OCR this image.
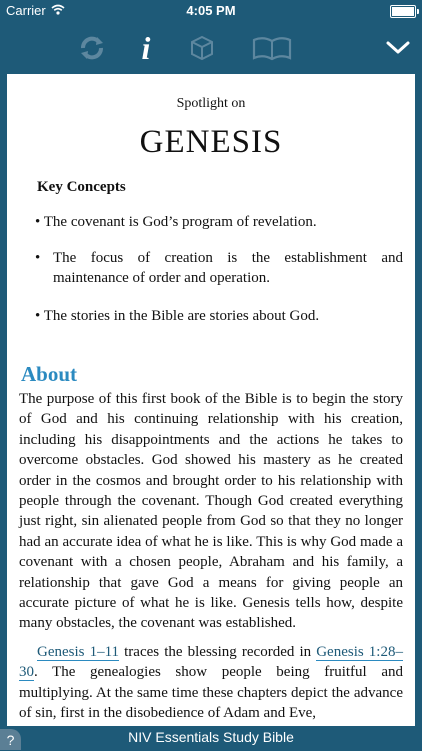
Carrier	4:05 PM
i
Spotlight on
GENESIS
Key Concepts
• The covenant is God’s program of revelation.
• The focus of creation is the establishment and maintenance of order and operation.
• The stories in the Bible are stories about God.
About
The purpose of this first book of the Bible is to begin the story of God and his continuing relationship with his creation, including his disappointments and the actions he takes to overcome obstacles. God showed his mastery as he created order in the cosmos and brought order to his relationship with people through the covenant. Though God created everything just right, sin alienated people from God so that they no longer had an accurate idea of what he is like. This is why God made a covenant with a chosen people, Abraham and his family, a relationship that gave God a means for giving people an accurate picture of what he is like. Genesis tells how, despite many obstacles, the covenant was established.
Genesis 1–11 traces the blessing recorded in Genesis 1:28–30. The genealogies show people being fruitful and multiplying. At the same time these chapters depict the advance of sin, first in the disobedience of Adam and Eve,
NIV Essentials Study Bible
?
